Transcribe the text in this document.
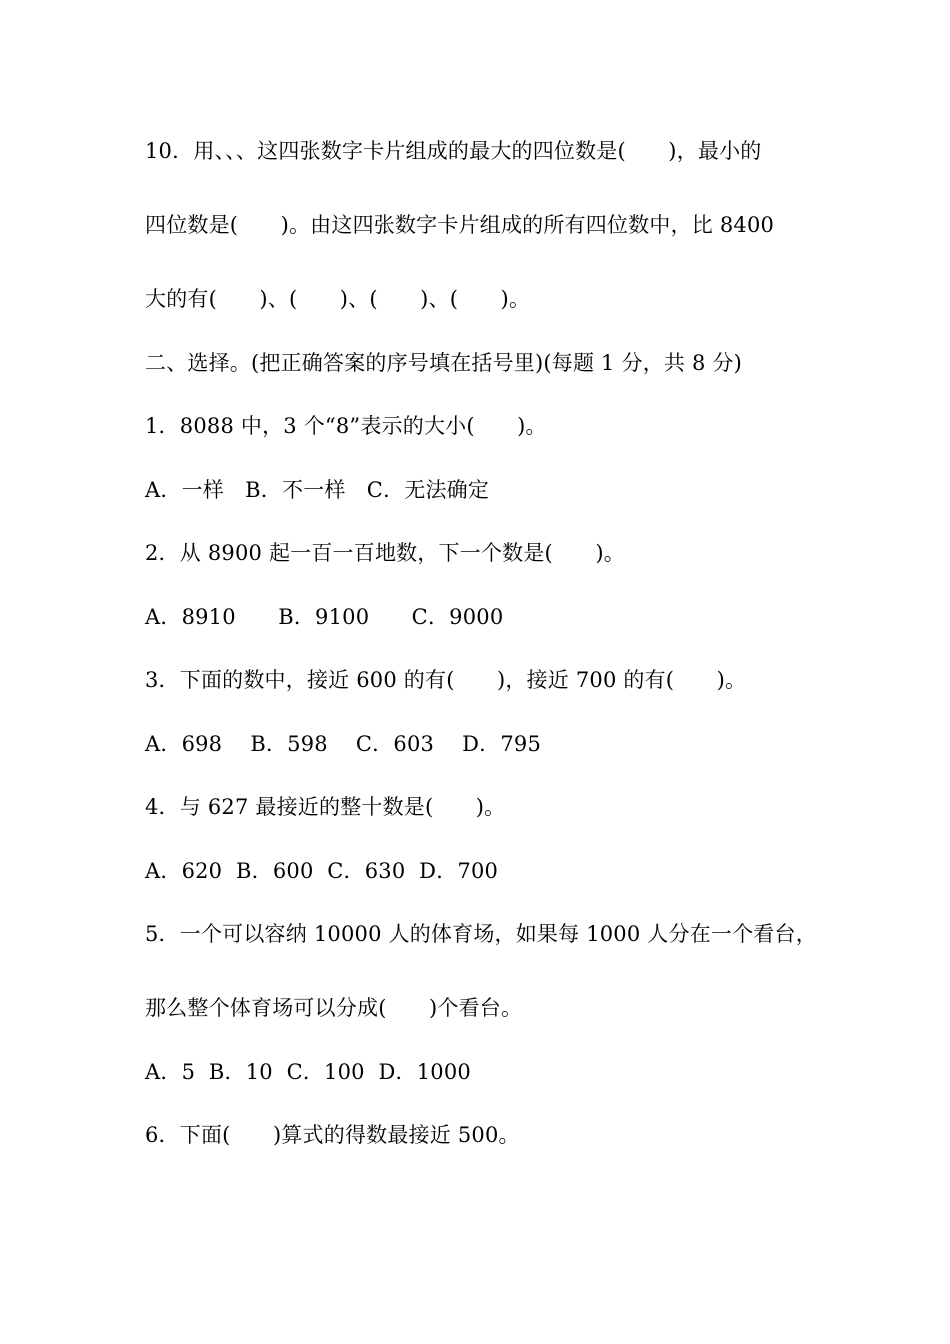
10．用、、、这四张数字卡片组成的最大的四位数是(　　)，最小的
四位数是(　　)。由这四张数字卡片组成的所有四位数中，比 8400
大的有(　　)、(　　)、(　　)、(　　)。
二、选择。(把正确答案的序号填在括号里)(每题 1 分，共 8 分)
1．8088 中，3 个“8”表示的大小(　　)。
A．一样　B．不一样　C．无法确定
2．从 8900 起一百一百地数，下一个数是(　　)。
A．8910　　B．9100　　C．9000
3．下面的数中，接近 600 的有(　　)，接近 700 的有(　　)。
A．698　 B．598　 C．603　 D．795
4．与 627 最接近的整十数是(　　)。
A．620  B．600  C．630  D．700
5．一个可以容纳 10000 人的体育场，如果每 1000 人分在一个看台，
那么整个体育场可以分成(　　)个看台。
A．5  B．10  C．100  D．1000
6．下面(　　)算式的得数最接近 500。
